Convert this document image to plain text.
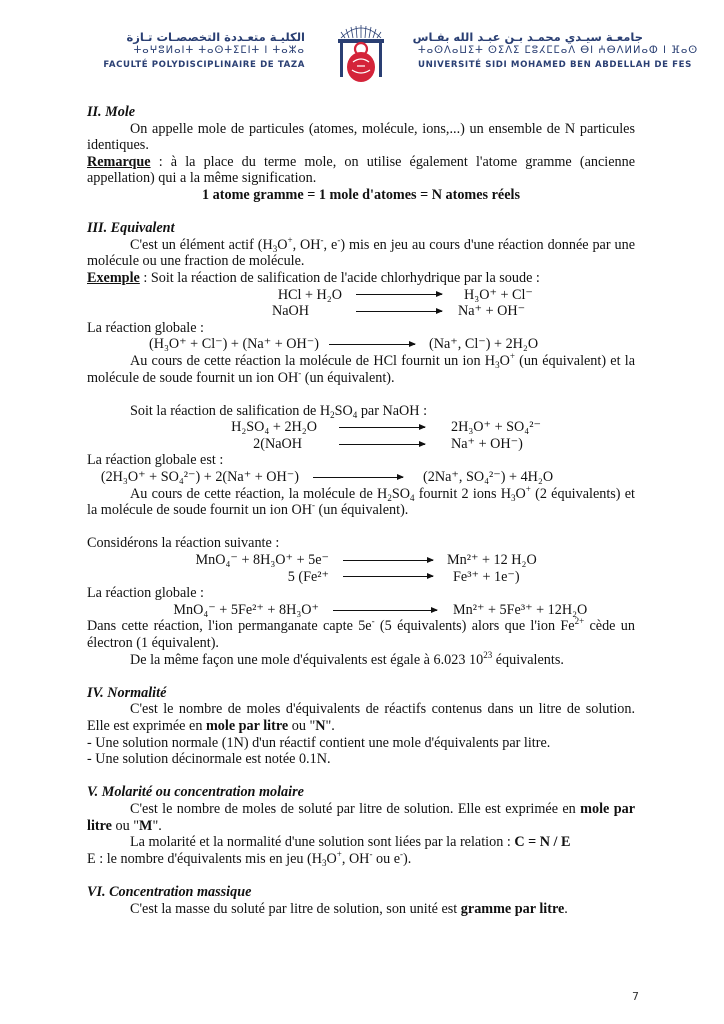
الكليـة متعـددة التخصصـات تـازة
ⵜⴰⵖⵓⵍⴰⵏⵜ ⵜⴰⵙⵜⵉⵎⵏⵜ ⵏ ⵜⴰⵣⴰ
FACULTÉ POLYDISCIPLINAIRE DE TAZA
جامعـة سيـدي محمـد بـن عبـد الله بفـاس
ⵜⴰⵙⴷⴰⵡⵉⵜ ⵙⵉⴷⵉ ⵎⵓⵃⵎⵎⴰⴷ ⴱⵏ ⵄⴱⴷⵍⵍⴰⵀ ⵏ ⴼⴰⵙ
UNIVERSITÉ SIDI MOHAMED BEN ABDELLAH DE FES

II. Mole

On appelle mole de particules (atomes, molécule, ions,...) un ensemble de N particules identiques.

Remarque : à la place du terme mole, on utilise également l'atome gramme (ancienne appellation) qui a la même signification.

1 atome gramme = 1 mole d'atomes = N atomes réels

III. Equivalent

C'est un élément actif ($H_3O^+$, OH-, e-) mis en jeu au cours d'une réaction donnée par une molécule ou une fraction de molécule.

Exemple : Soit la réaction de salification de l'acide chlorhydrique par la soude :

HCl + H₂O	H₃O⁺ + Cl⁻
NaOH	Na⁺ + OH⁻

La réaction globale :

(H₃O⁺ + Cl⁻) + (Na⁺ + OH⁻)	(Na⁺, Cl⁻) + 2H₂O

Au cours de cette réaction la molécule de HCl fournit un ion $H_3O^+$ (un équivalent) et la molécule de soude fournit un ion OH- (un équivalent).

Soit la réaction de salification de $H_2SO_4$ par NaOH :

H₂SO₄ + 2H₂O	2H₃O⁺ + SO₄²⁻
2(NaOH	Na⁺ + OH⁻)

La réaction globale est :

(2H₃O⁺ + SO₄²⁻) + 2(Na⁺ + OH⁻)	(2Na⁺, SO₄²⁻) + 4H₂O

Au cours de cette réaction, la molécule de $H_2SO_4$ fournit 2 ions $H_3O^+$ (2 équivalents) et la molécule de soude fournit un ion OH- (un équivalent).

Considérons la réaction suivante :

MnO₄⁻ + 8H₃O⁺ + 5e⁻	Mn²⁺ + 12 H₂O
5 (Fe²⁺	Fe³⁺ + 1e⁻)

La réaction globale :

MnO₄⁻ + 5Fe²⁺ + 8H₃O⁺	Mn²⁺ + 5Fe³⁺ + 12H₂O

Dans cette réaction, l'ion permanganate capte 5e- (5 équivalents) alors que l'ion $Fe^{2+}$ cède un électron (1 équivalent).

De la même façon une mole d'équivalents est égale à 6.023 $10^{23}$ équivalents.

IV. Normalité

C'est le nombre de moles d'équivalents de réactifs contenus dans un litre de solution. Elle est exprimée en mole par litre ou "N".

- Une solution normale (1N) d'un réactif contient une mole d'équivalents par litre.

- Une solution décinormale est notée 0.1N.

V. Molarité ou concentration molaire

C'est le nombre de moles de soluté par litre de solution. Elle est exprimée en mole par litre ou "M".

La molarité et la normalité d'une solution sont liées par la relation : C = N / E

E : le nombre d'équivalents mis en jeu ($H_3O^+$, OH- ou e-).

VI. Concentration massique

C'est la masse du soluté par litre de solution, son unité est gramme par litre.

7
